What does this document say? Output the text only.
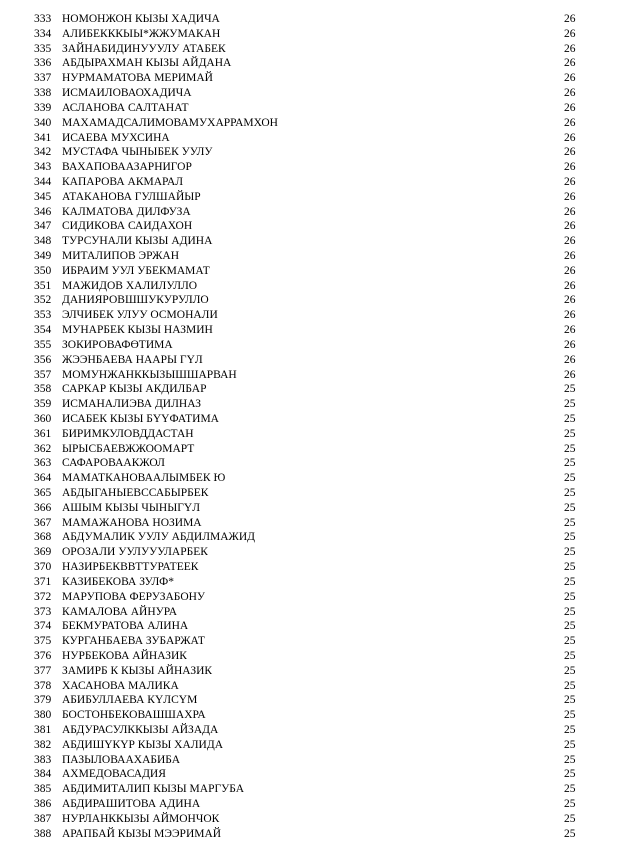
333 НОМОНЖОН КЫЗЫ ХАДИЧА	26
334 АЛИБЕКККЫЫ*ЖЖУМАКАН	26
335 ЗАЙНАБИДИНУУУЛУ АТАБЕК	26
336 АБДЫРАХМАН КЫЗЫ АЙДАНА	26
337 НУРМАМАТОВА МЕРИМАЙ	26
338 ИСМАИЛОВАОХАДИЧА	26
339 АСЛАНОВА САЛТАНАТ	26
340 МАХАМАДСАЛИМОВАМУХАРРАМХОН	26
341 ИСАЕВА МУХСИНА	26
342 МУСТАФА ЧЫНЫБЕК УУЛУ	26
343 ВАХАПОВААЗАРНИГОР	26
344 КАПАРОВА АКМАРАЛ	26
345 АТАКАНОВА ГУЛШАЙЫР	26
346 КАЛМАТОВА ДИЛФУЗА	26
347 СИДИКОВА САИДАХОН	26
348 ТУРСУНАЛИ КЫЗЫ АДИНА	26
349 МИТАЛИПОВ ЭРЖАН	26
350 ИБРАИМ УУЛ УБЕКМАМАТ	26
351 МАЖИДОВ ХАЛИЛУЛЛО	26
352 ДАНИЯРОВШШУКУРУЛЛО	26
353 ЭЛЧИБЕК УЛУУ ОСМОНАЛИ	26
354 МУНАРБЕК КЫЗЫ НАЗМИН	26
355 ЗОКИРОВАФӨТИМА	26
356 ЖЭЭНБАЕВА НААРЫ ГҮЛ	26
357 МОМУНЖАНККЫЗЫШШАРВАН	26
358 САРКАР КЫЗЫ АКДИЛБАР	25
359 ИСМАНАЛИЭВА ДИЛНАЗ	25
360 ИСАБЕК КЫЗЫ БҮҮФАТИМА	25
361 БИРИМКУЛОВДДАСТАН	25
362 ЫРЫСБАЕВЖЖООМАРТ	25
363 САФАРОВААКЖОЛ	25
364 МАМАТКАНОВААЛЫМБЕК Ю	25
365 АБДЫГАНЫЕВССАБЫРБЕК	25
366 АШЫМ КЫЗЫ ЧЫНЫГҮЛ	25
367 МАМАЖАНОВА НОЗИМА	25
368 АБДУМАЛИК УУЛУ АБДИЛМАЖИД	25
369 ОРОЗАЛИ УУЛУУУЛАРБЕК	25
370 НАЗИРБЕКВВТТУРАТЕЕК	25
371 КАЗИБЕКОВА ЗУЛФ*	25
372 МАРУПОВА ФЕРУЗАБОНУ	25
373 КАМАЛОВА АЙНУРА	25
374 БЕКМУРАТОВА АЛИНА	25
375 КУРГАНБАЕВА ЗУБАРЖАТ	25
376 НУРБЕКОВА АЙНАЗИК	25
377 ЗАМИРБ К КЫЗЫ АЙНАЗИК	25
378 ХАСАНОВА МАЛИКА	25
379 АБИБУЛЛАЕВА КҮЛСҮМ	25
380 БОСТОНБЕКОВАШШАХРА	25
381 АБДУРАСУЛККЫЗЫ АЙЗАДА	25
382 АБДИШҮКҮР КЫЗЫ ХАЛИДА	25
383 ПАЗЫЛОВААХАБИБА	25
384 АХМЕДОВАСАДИЯ	25
385 АБДИМИТАЛИП КЫЗЫ МАРГУБА	25
386 АБДИРАШИТОВА АДИНА	25
387 НУРЛАНККЫЗЫ АЙМОНЧОК	25
388 АРАПБАЙ КЫЗЫ МЭЭРИМАЙ	25
